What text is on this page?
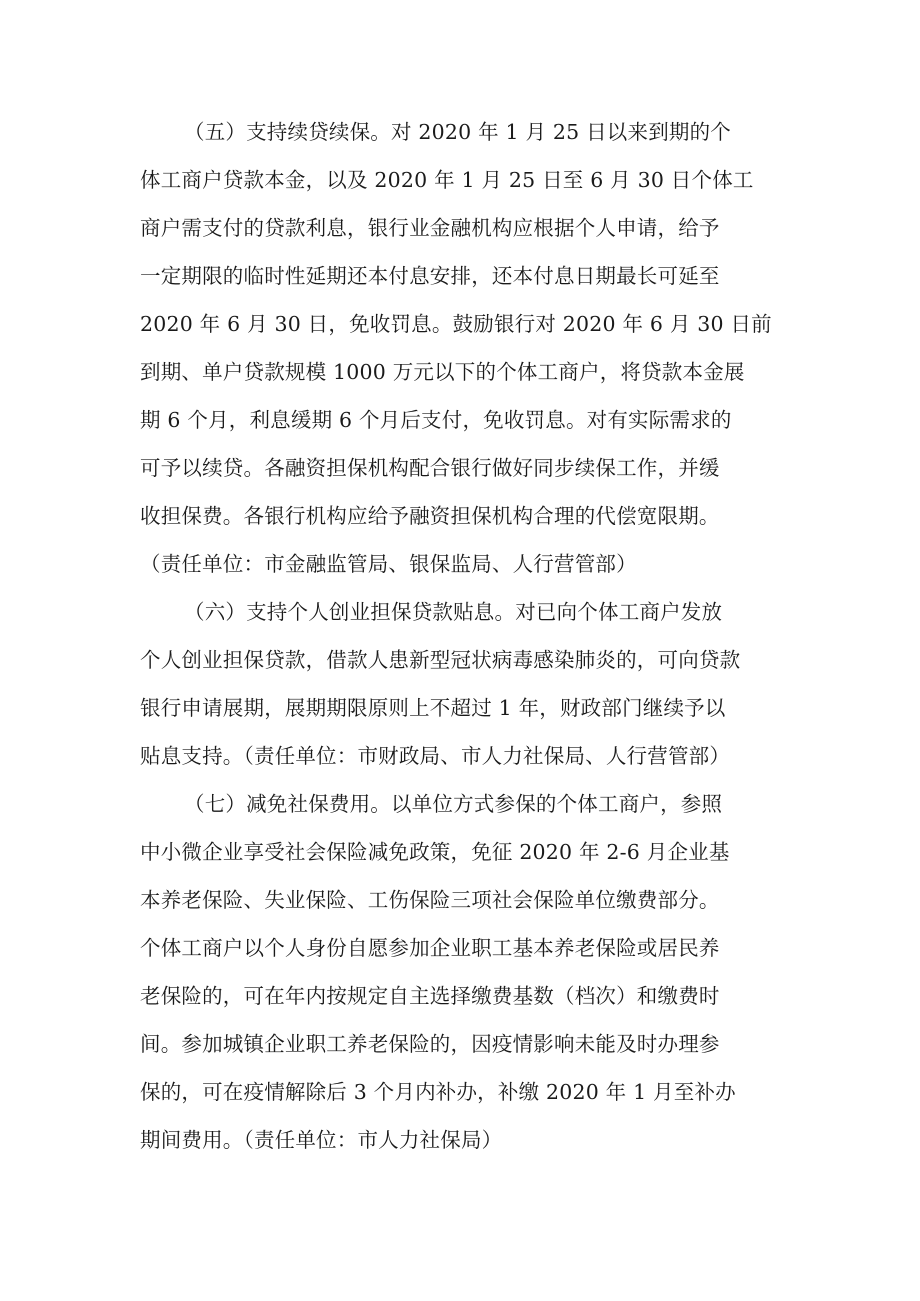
（五）支持续贷续保。对 2020 年 1 月 25 日以来到期的个
体工商户贷款本金，以及 2020 年 1 月 25 日至 6 月 30 日个体工
商户需支付的贷款利息，银行业金融机构应根据个人申请，给予
一定期限的临时性延期还本付息安排，还本付息日期最长可延至
2020 年 6 月 30 日，免收罚息。鼓励银行对 2020 年 6 月 30 日前
到期、单户贷款规模 1000 万元以下的个体工商户，将贷款本金展
期 6 个月，利息缓期 6 个月后支付，免收罚息。对有实际需求的
可予以续贷。各融资担保机构配合银行做好同步续保工作，并缓
收担保费。各银行机构应给予融资担保机构合理的代偿宽限期。
（责任单位：市金融监管局、银保监局、人行营管部）
（六）支持个人创业担保贷款贴息。对已向个体工商户发放
个人创业担保贷款，借款人患新型冠状病毒感染肺炎的，可向贷款
银行申请展期，展期期限原则上不超过 1 年，财政部门继续予以
贴息支持。（责任单位：市财政局、市人力社保局、人行营管部）
（七）减免社保费用。以单位方式参保的个体工商户，参照
中小微企业享受社会保险减免政策，免征 2020 年 2-6 月企业基
本养老保险、失业保险、工伤保险三项社会保险单位缴费部分。
个体工商户以个人身份自愿参加企业职工基本养老保险或居民养
老保险的，可在年内按规定自主选择缴费基数（档次）和缴费时
间。参加城镇企业职工养老保险的，因疫情影响未能及时办理参
保的，可在疫情解除后 3 个月内补办，补缴 2020 年 1 月至补办
期间费用。（责任单位：市人力社保局）
